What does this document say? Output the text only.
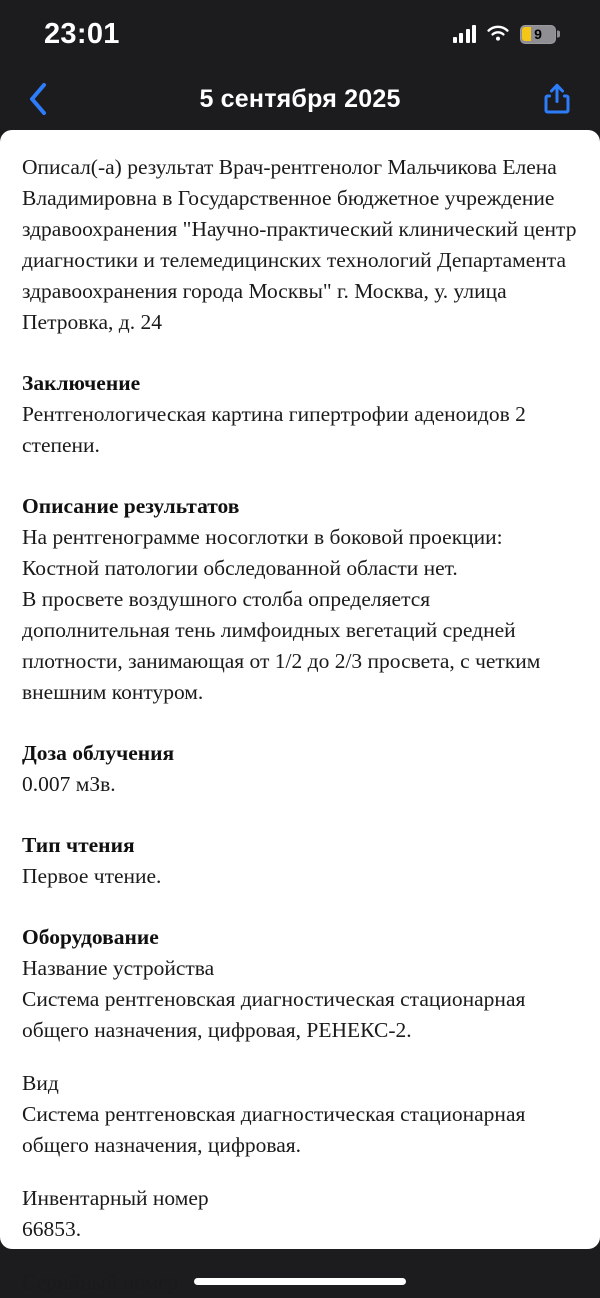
23:01	9
5 сентября 2025

Описал(-а) результат Врач-рентгенолог Мальчикова Елена Владимировна в Государственное бюджетное учреждение здравоохранения "Научно-практический клинический центр диагностики и телемедицинских технологий Департамента здравоохранения города Москвы" г. Москва, у. улица Петровка, д. 24

Заключение

Рентгенологическая картина гипертрофии аденоидов 2 степени.

Описание результатов

На рентгенограмме носоглотки в боковой проекции:

Костной патологии обследованной области нет.

В просвете воздушного столба определяется дополнительная тень лимфоидных вегетаций средней плотности, занимающая от 1/2 до 2/3 просвета, с четким внешним контуром.

Доза облучения

0.007 мЗв.

Тип чтения

Первое чтение.

Оборудование

Название устройства

Система рентгеновская диагностическая стационарная общего назначения, цифровая, РЕНЕКС-2.

Вид

Система рентгеновская диагностическая стационарная общего назначения, цифровая.

Инвентарный номер

66853.

Серийный номер
